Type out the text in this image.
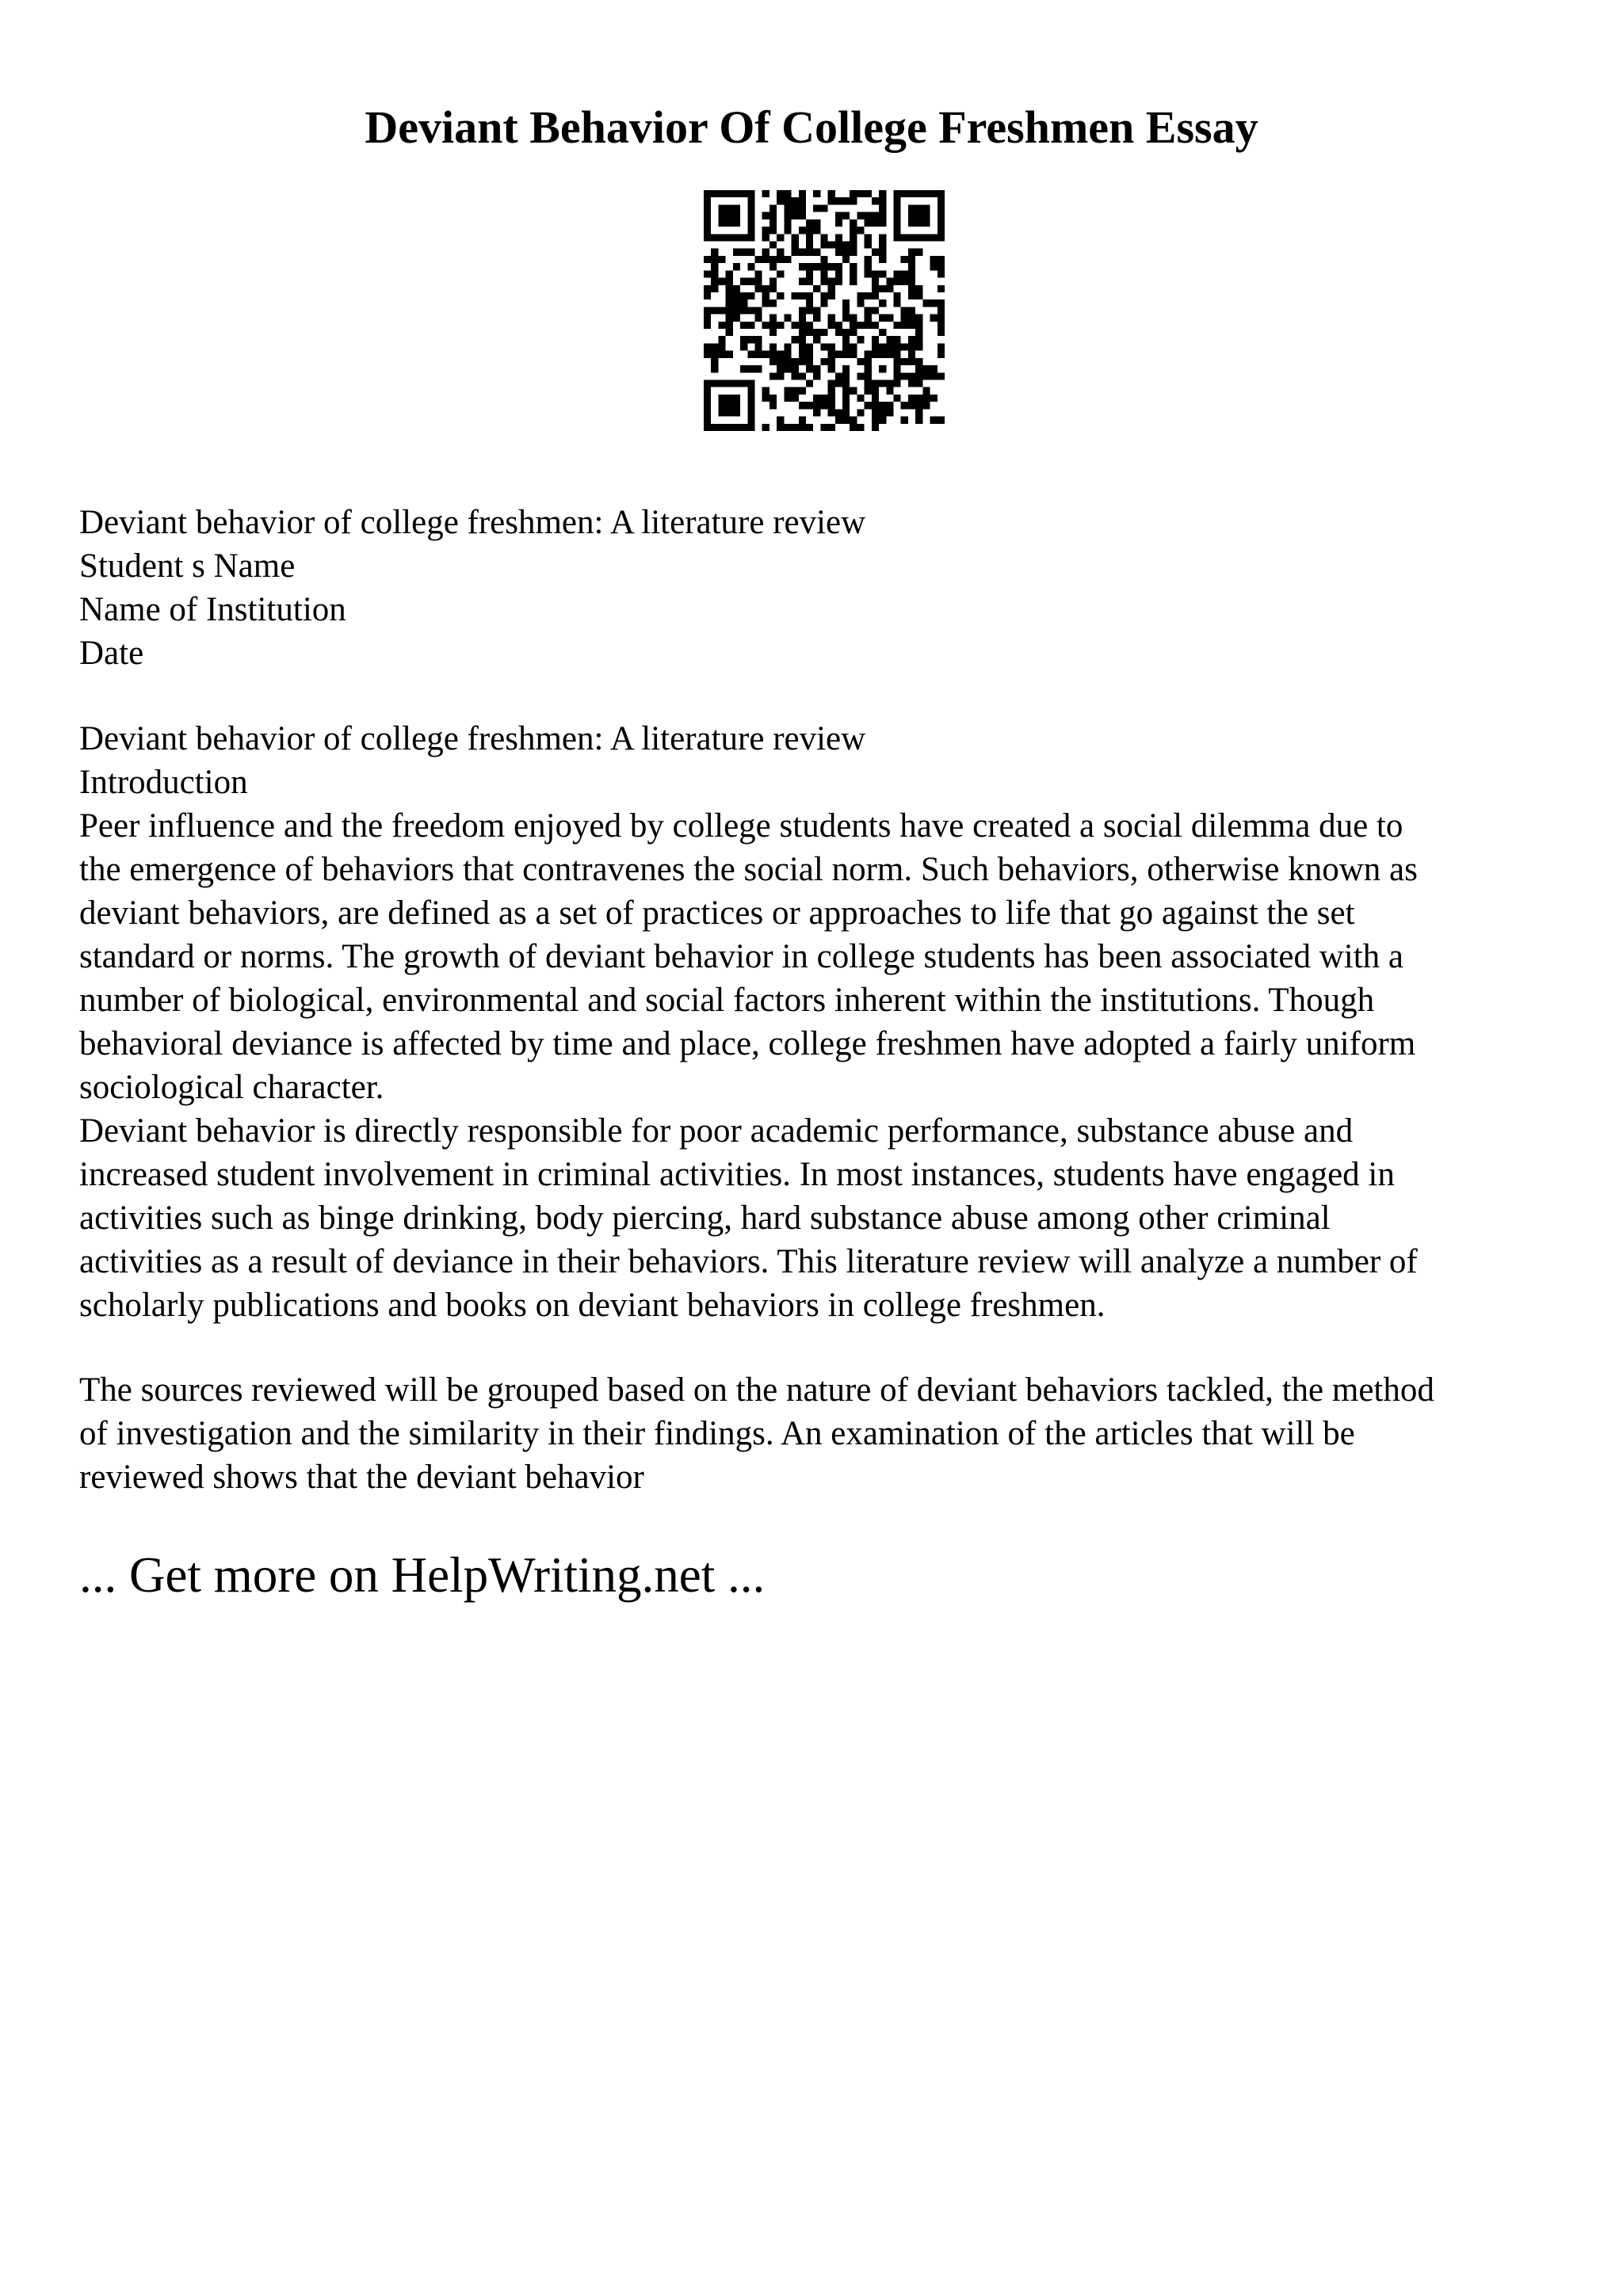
Deviant Behavior Of College Freshmen Essay
Deviant behavior of college freshmen: A literature review
Student s Name
Name of Institution
Date
Deviant behavior of college freshmen: A literature review
Introduction
Peer influence and the freedom enjoyed by college students have created a social dilemma due to
the emergence of behaviors that contravenes the social norm. Such behaviors, otherwise known as
deviant behaviors, are defined as a set of practices or approaches to life that go against the set
standard or norms. The growth of deviant behavior in college students has been associated with a
number of biological, environmental and social factors inherent within the institutions. Though
behavioral deviance is affected by time and place, college freshmen have adopted a fairly uniform
sociological character.
Deviant behavior is directly responsible for poor academic performance, substance abuse and
increased student involvement in criminal activities. In most instances, students have engaged in
activities such as binge drinking, body piercing, hard substance abuse among other criminal
activities as a result of deviance in their behaviors. This literature review will analyze a number of
scholarly publications and books on deviant behaviors in college freshmen.
The sources reviewed will be grouped based on the nature of deviant behaviors tackled, the method
of investigation and the similarity in their findings. An examination of the articles that will be
reviewed shows that the deviant behavior
... Get more on HelpWriting.net ...
